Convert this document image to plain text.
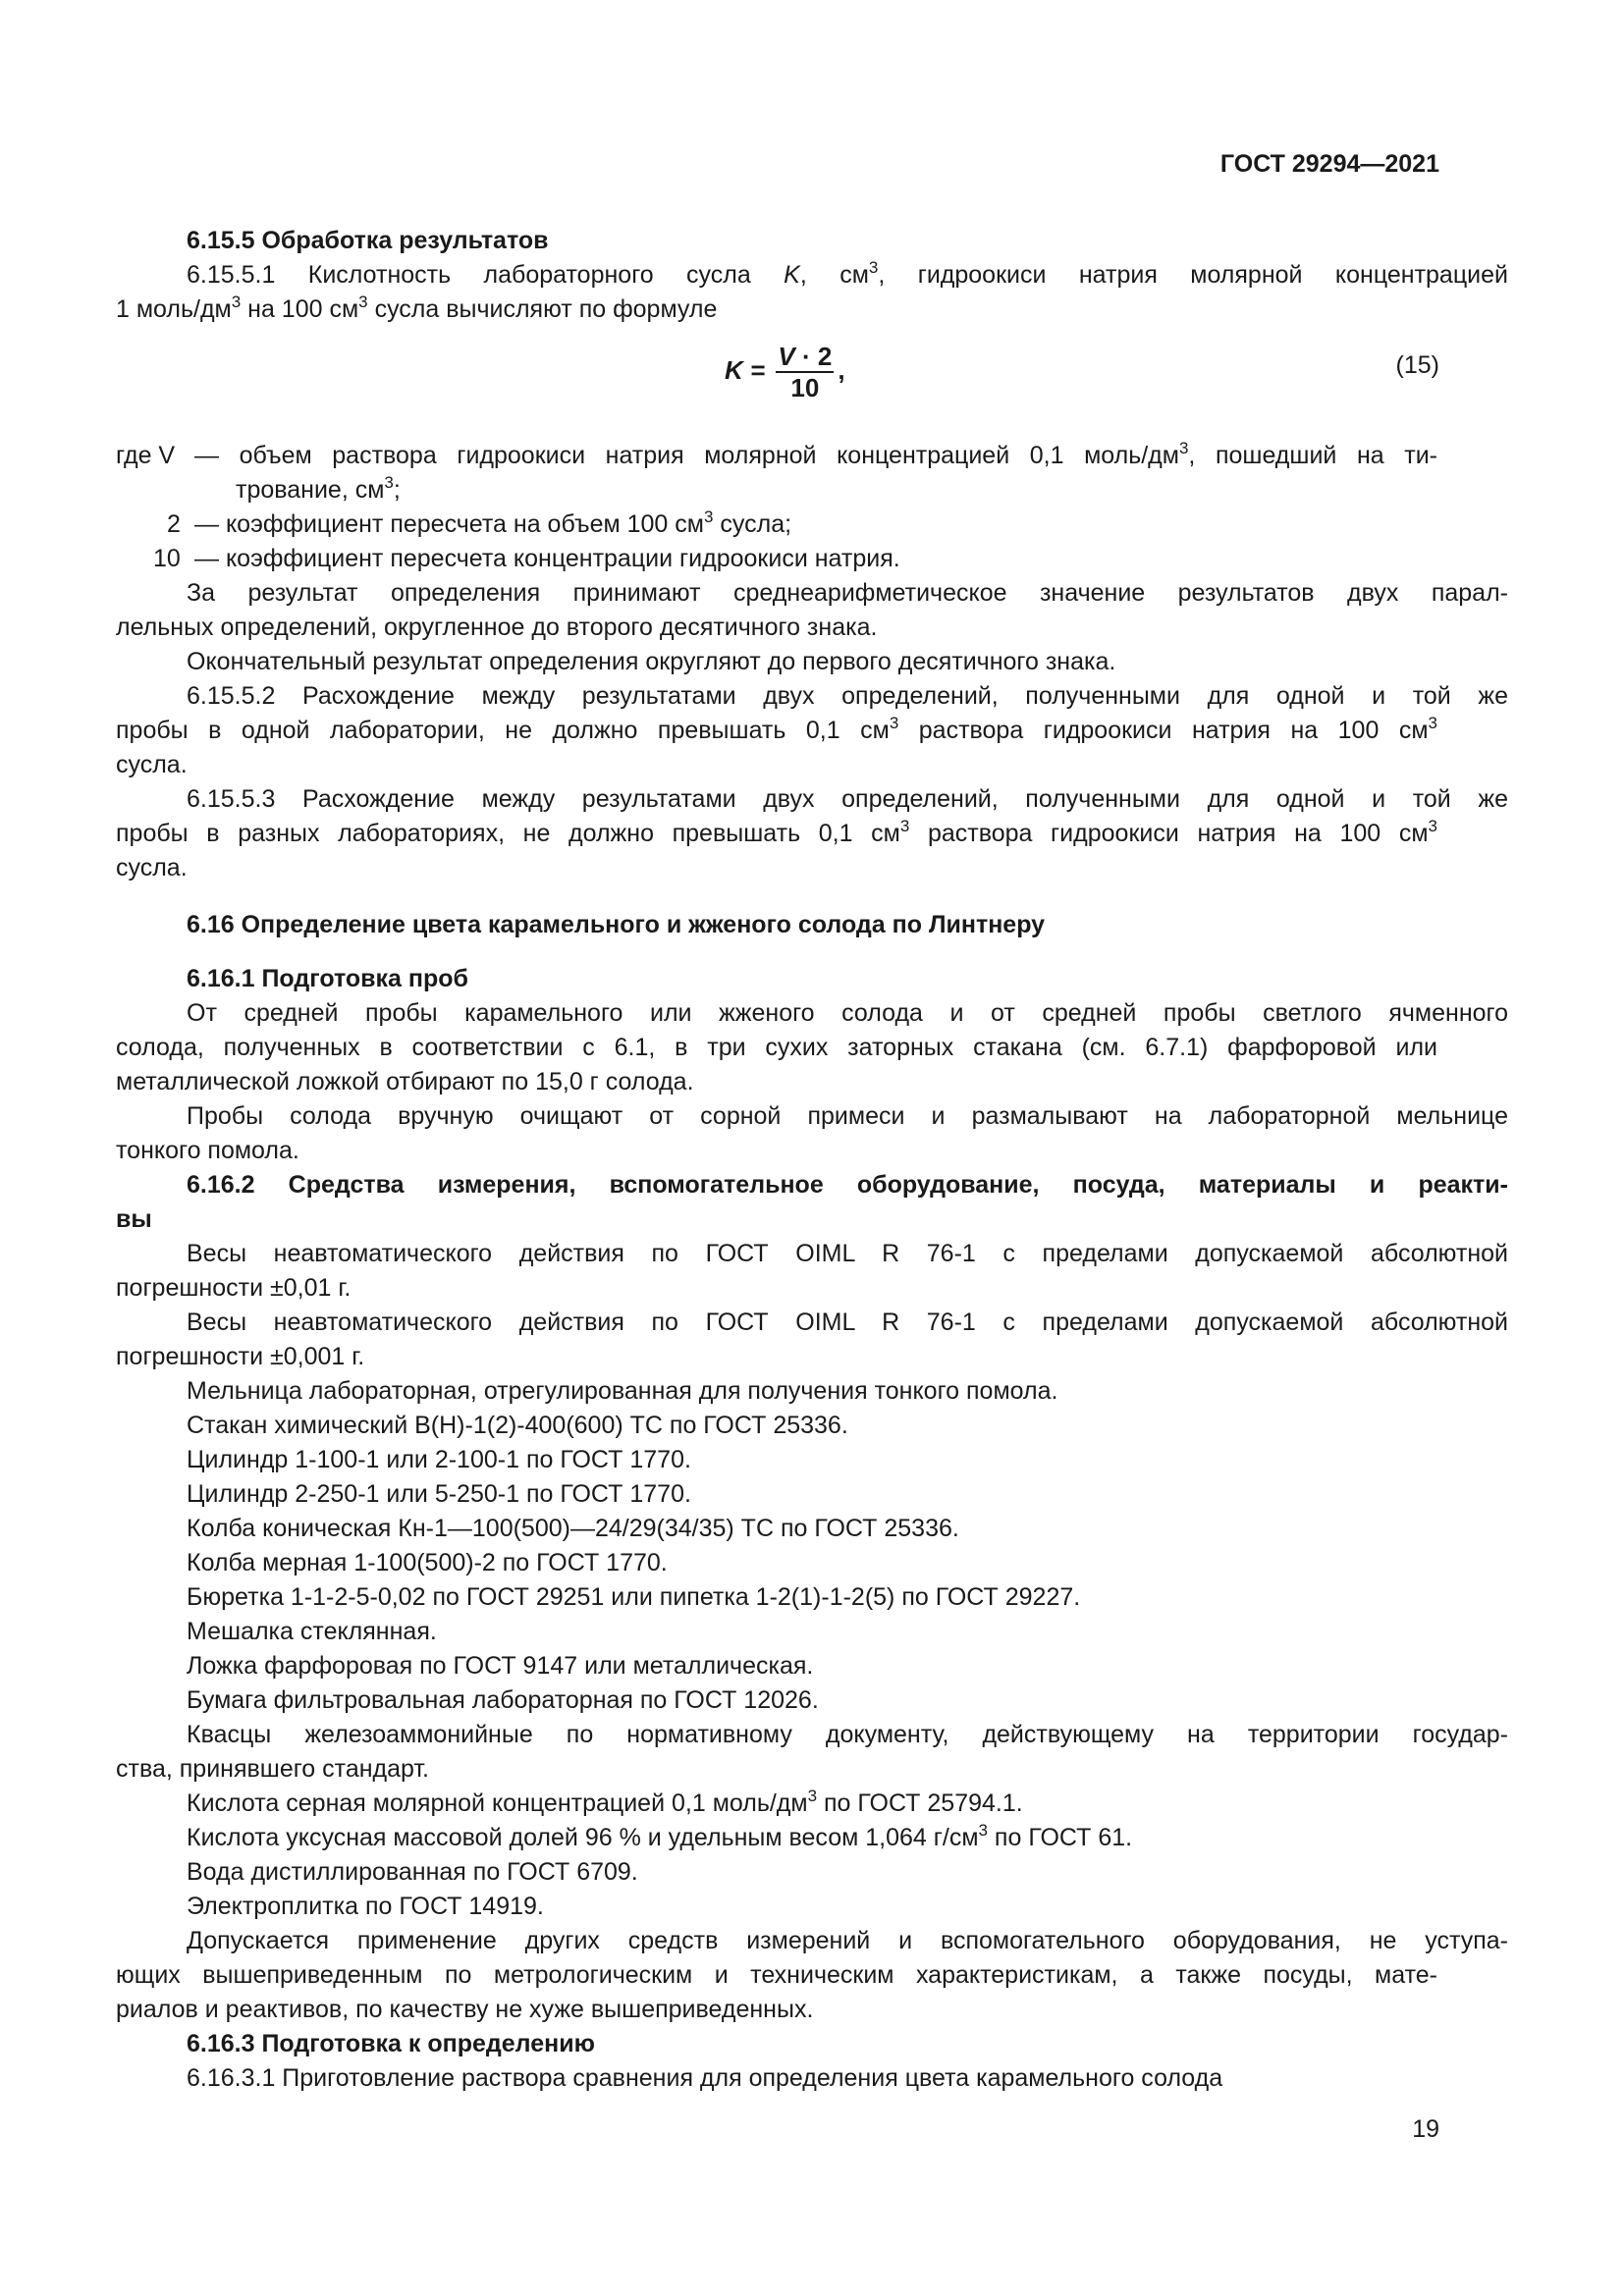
ГОСТ 29294—2021
6.15.5 Обработка результатов
6.15.5.1 Кислотность лабораторного сусла K, $см^3$, гидроокиси натрия молярной концентрацией
1 моль/$дм^3$ на 100 $см^3$ сусла вычисляют по формуле
$K = \frac{V \cdot 2}{10}$ ,	(15)
где V — объем раствора гидроокиси натрия молярной концентрацией 0,1 моль/$дм^3$, пошедший на ти-
трование, $см^3$;
2 — коэффициент пересчета на объем 100 $см^3$ сусла;
10 — коэффициент пересчета концентрации гидроокиси натрия.
За результат определения принимают среднеарифметическое значение результатов двух парал-
лельных определений, округленное до второго десятичного знака.
Окончательный результат определения округляют до первого десятичного знака.
6.15.5.2 Расхождение между результатами двух определений, полученными для одной и той же
пробы в одной лаборатории, не должно превышать 0,1 $см^3$ раствора гидроокиси натрия на 100 $см^3$
сусла.
6.15.5.3 Расхождение между результатами двух определений, полученными для одной и той же
пробы в разных лабораториях, не должно превышать 0,1 $см^3$ раствора гидроокиси натрия на 100 $см^3$
сусла.
6.16 Определение цвета карамельного и жженого солода по Линтнеру
6.16.1 Подготовка проб
От средней пробы карамельного или жженого солода и от средней пробы светлого ячменного
солода, полученных в соответствии с 6.1, в три сухих заторных стакана (см. 6.7.1) фарфоровой или
металлической ложкой отбирают по 15,0 г солода.
Пробы солода вручную очищают от сорной примеси и размалывают на лабораторной мельнице
тонкого помола.
6.16.2 Средства измерения, вспомогательное оборудование, посуда, материалы и реакти-
вы
Весы неавтоматического действия по ГОСТ OIML R 76-1 с пределами допускаемой абсолютной
погрешности ±0,01 г.
Весы неавтоматического действия по ГОСТ OIML R 76-1 с пределами допускаемой абсолютной
погрешности ±0,001 г.
Мельница лабораторная, отрегулированная для получения тонкого помола.
Стакан химический В(Н)-1(2)-400(600) ТС по ГОСТ 25336.
Цилиндр 1-100-1 или 2-100-1 по ГОСТ 1770.
Цилиндр 2-250-1 или 5-250-1 по ГОСТ 1770.
Колба коническая Кн-1—100(500)—24/29(34/35) ТС по ГОСТ 25336.
Колба мерная 1-100(500)-2 по ГОСТ 1770.
Бюретка 1-1-2-5-0,02 по ГОСТ 29251 или пипетка 1-2(1)-1-2(5) по ГОСТ 29227.
Мешалка стеклянная.
Ложка фарфоровая по ГОСТ 9147 или металлическая.
Бумага фильтровальная лабораторная по ГОСТ 12026.
Квасцы железоаммонийные по нормативному документу, действующему на территории государ-
ства, принявшего стандарт.
Кислота серная молярной концентрацией 0,1 моль/$дм^3$ по ГОСТ 25794.1.
Кислота уксусная массовой долей 96 % и удельным весом 1,064 $г/см^3$ по ГОСТ 61.
Вода дистиллированная по ГОСТ 6709.
Электроплитка по ГОСТ 14919.
Допускается применение других средств измерений и вспомогательного оборудования, не уступа-
ющих вышеприведенным по метрологическим и техническим характеристикам, а также посуды, мате-
риалов и реактивов, по качеству не хуже вышеприведенных.
6.16.3 Подготовка к определению
6.16.3.1 Приготовление раствора сравнения для определения цвета карамельного солода
19
